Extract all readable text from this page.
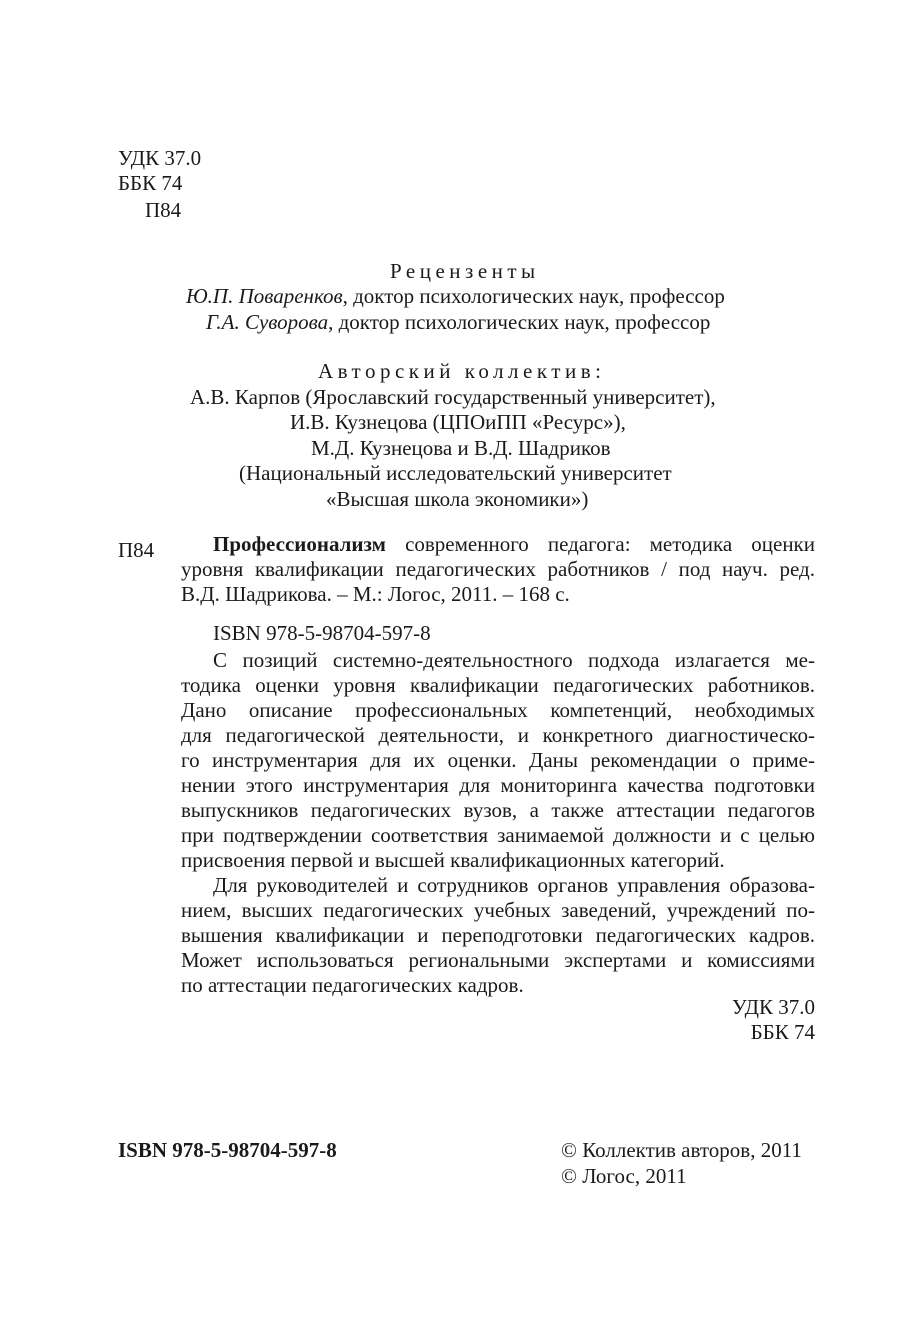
УДК 37.0
ББК 74
П84
Рецензенты
Ю.П. Поваренков, доктор психологических наук, профессор
Г.А. Суворова, доктор психологических наук, профессор
Авторский коллектив:
А.В. Карпов (Ярославский государственный университет),
И.В. Кузнецова (ЦПОиПП «Ресурс»),
М.Д. Кузнецова и В.Д. Шадриков
(Национальный исследовательский университет
«Высшая школа экономики»)
П84	Профессионализм современного педагога: методика оценки
уровня квалификации педагогических работников / под науч. ред.
В.Д. Шадрикова. – М.: Логос, 2011. – 168 с.
ISBN 978-5-98704-597-8
С позиций системно-деятельностного подхода излагается ме-
тодика оценки уровня квалификации педагогических работников.
Дано описание профессиональных компетенций, необходимых
для педагогической деятельности, и конкретного диагностическо-
го инструментария для их оценки. Даны рекомендации о приме-
нении этого инструментария для мониторинга качества подготовки
выпускников педагогических вузов, а также аттестации педагогов
при подтверждении соответствия занимаемой должности и с целью
присвоения первой и высшей квалификационных категорий.
Для руководителей и сотрудников органов управления образова-
нием, высших педагогических учебных заведений, учреждений по-
вышения квалификации и переподготовки педагогических кадров.
Может использоваться региональными экспертами и комиссиями
по аттестации педагогических кадров.
УДК 37.0
ББК 74
ISBN 978-5-98704-597-8	© Коллектив авторов, 2011
© Логос, 2011
